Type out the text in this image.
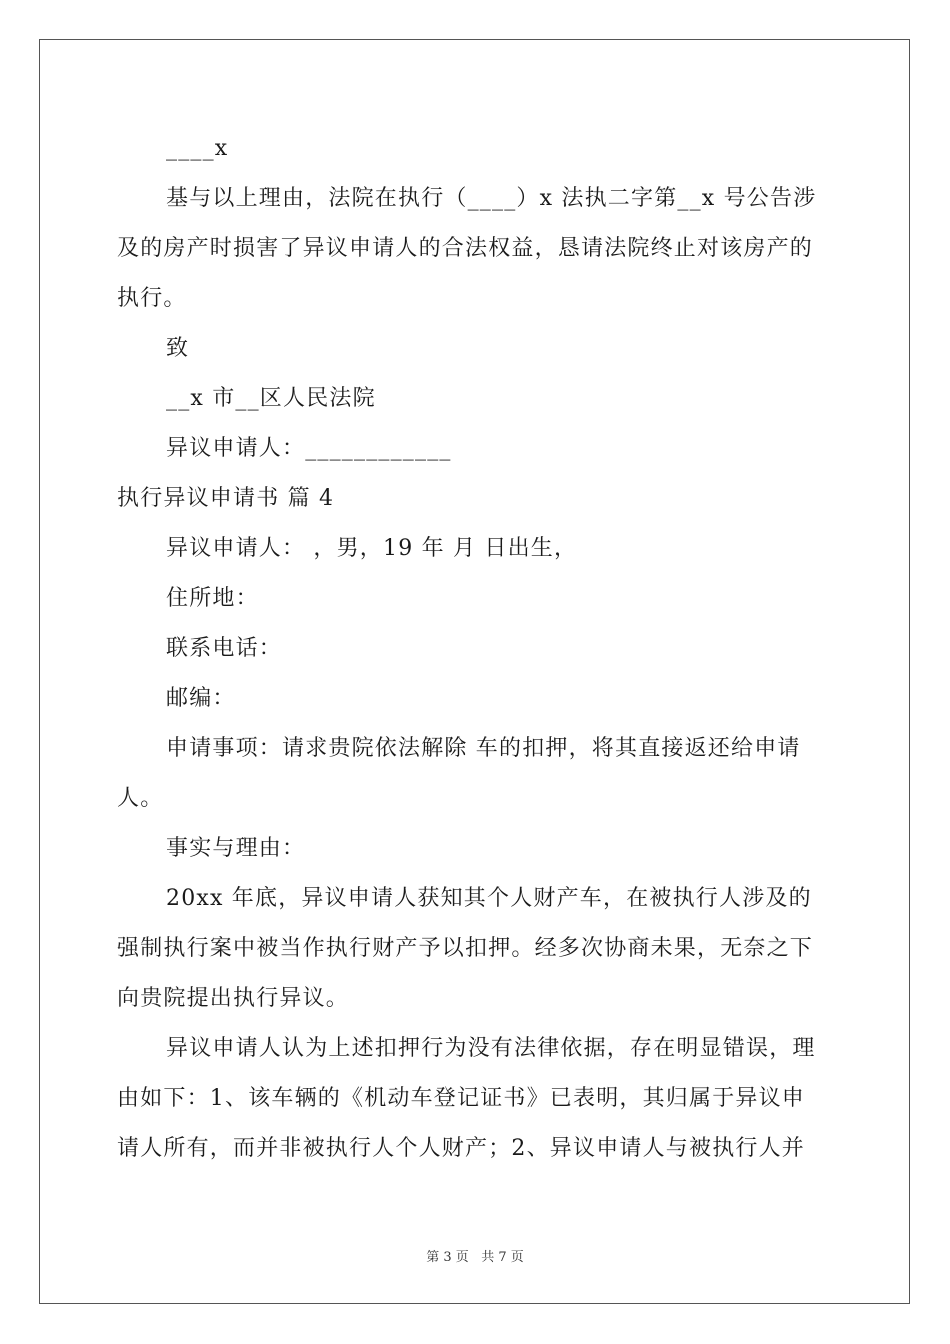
____x
基与以上理由，法院在执行（____）x 法执二字第__x 号公告涉
及的房产时损害了异议申请人的合法权益，恳请法院终止对该房产的
执行。
致
__x 市__区人民法院
异议申请人：____________
执行异议申请书 篇 4
异议申请人： ，男，19 年 月 日出生，
住所地：
联系电话：
邮编：
申请事项：请求贵院依法解除 车的扣押，将其直接返还给申请
人。
事实与理由：
20xx 年底，异议申请人获知其个人财产车，在被执行人涉及的
强制执行案中被当作执行财产予以扣押。经多次协商未果，无奈之下
向贵院提出执行异议。
异议申请人认为上述扣押行为没有法律依据，存在明显错误，理
由如下：1、该车辆的《机动车登记证书》已表明，其归属于异议申
请人所有，而并非被执行人个人财产；2、异议申请人与被执行人并
第 3 页   共 7 页
